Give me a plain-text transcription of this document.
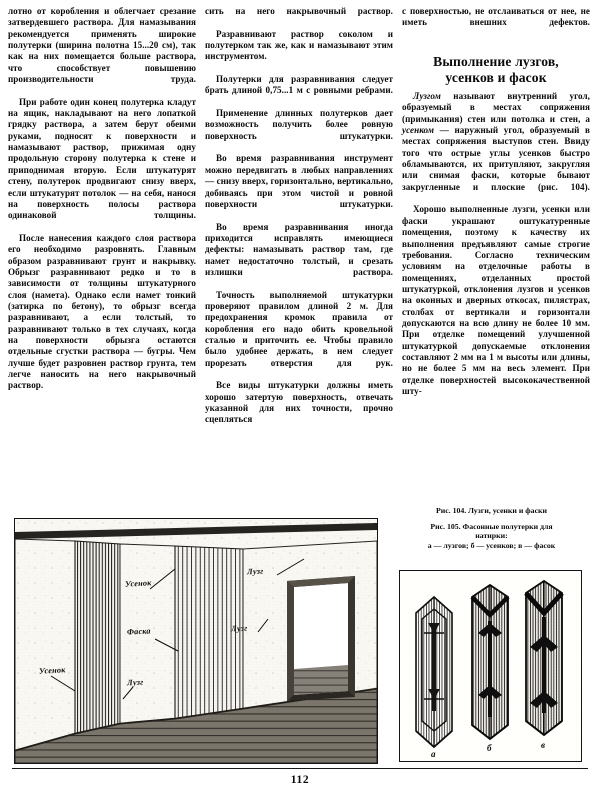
лотно от коробления и облегчает срезание затвердевшего раствора. Для намазывания рекомендуется применять широкие полутерки (ширина полотна 15...20 см), так как на них помещается больше раствора, что способствует повышению производительности труда.

При работе один конец полутерка кладут на ящик, накладывают на него лопаткой грядку раствора, а затем берут обеими руками, подносят к поверхности и намазывают раствор, прижимая одну продольную сторону полутерка к стене и приподнимая вторую. Если штукатурят стену, полутерок продвигают снизу вверх, если штукатурят потолок — на себя, нанося на поверхность полосы раствора одинаковой толщины.

После нанесения каждого слоя раствора его необходимо разровнять. Главным образом разравнивают грунт и накрывку. Обрызг разравнивают редко и то в зависимости от толщины штукатурного слоя (намета). Однако если намет тонкий (затирка по бетону), то обрызг всегда разравнивают, а если толстый, то разравнивают только в тех случаях, когда на поверхности обрызга остаются отдельные сгустки раствора — бугры. Чем лучше будет разровнен раствор грунта, тем легче наносить на него накрывочный раствор.

сить на него накрывочный раствор.

Разравнивают раствор соколом и полутерком так же, как и намазывают этим инструментом.

Полутерки для разравнивания следует брать длиной 0,75...1 м с ровными ребрами.

Применение длинных полутерков дает возможность получить более ровную поверхность штукатурки.

Во время разравнивания инструмент можно передвигать в любых направлениях — снизу вверх, горизонтально, вертикально, добиваясь при этом чистой и ровной поверхности штукатурки.

Во время разравнивания иногда приходится исправлять имеющиеся дефекты: намазывать раствор там, где намет недостаточно толстый, и срезать излишки раствора.

Точность выполняемой штукатурки проверяют правилом длиной 2 м. Для предохранения кромок правила от коробления его надо обить кровельной сталью и приточить ее. Чтобы правило было удобнее держать, в нем следует прорезать отверстия для рук.

Все виды штукатурки должны иметь хорошо затертую поверхность, отвечать указанной для них точности, прочно сцепляться

с поверхностью, не отслаиваться от нее, не иметь внешних дефектов.

Выполнение лузгов,
усенков и фасок

Лузгом называют внутренний угол, образуемый в местах сопряжения (примыкания) стен или потолка и стен, а усенком — наружный угол, образуемый в местах сопряжения выступов стен. Ввиду того что острые углы усенков быстро обламываются, их притупляют, закругляя или снимая фаски, которые бывают закругленные и плоские (рис. 104).

Хорошо выполненные лузги, усенки или фаски украшают оштукатуренные помещения, поэтому к качеству их выполнения предъявляют самые строгие требования. Согласно техническим условиям на отделочные работы в помещениях, отделанных простой штукатуркой, отклонения лузгов и усенков на оконных и дверных откосах, пилястрах, столбах от вертикали и горизонтали допускаются на всю длину не более 10 мм. При отделке помещений улучшенной штукатуркой допускаемые отклонения составляют 2 мм на 1 м высоты или длины, но не более 5 мм на весь элемент. При отделке поверхностей высококачественной шту-

Рис. 104. Лузги, усенки и фаски
Рис. 105. Фасонные полутерки для
натирки:
а — лузгов; б — усенков; в — фасок
Усенок
Усенок
Фаска
Лузг
Лузг
Лузг
а
б	в
112
